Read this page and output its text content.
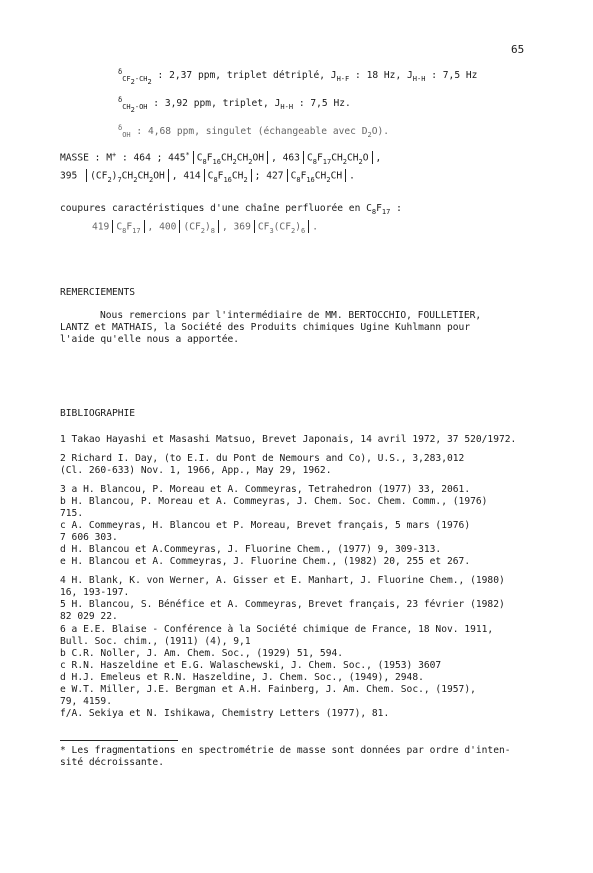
65
$^\delta_{CF2-CH2}$ : 2,37 ppm, triplet détriplé, $J_{H-F}$ : 18 Hz, $J_{H-H}$ : 7,5 Hz
$^\delta_{CH2-OH}$ : 3,92 ppm, triplet, $J_{H-H}$ : 7,5 Hz.
$^\delta_{OH}$ : 4,68 ppm, singulet (échangeable avec $D_2O$).
MASSE : M+ : 464 ; 445* $C_8F_{16}CH_2CH_2OH$ , 463 $C_8F_{17}CH_2CH_2O$ ,
395 $(CF_2)_7CH_2CH_2OH$ , 414 $C_8F_{16}CH_2$ ; 427 $C_8F_{16}CH_2CH$ .
coupures caractéristiques d'une chaîne perfluorée en $C_8F_{17}$ :
419 $C_8F_{17}$ , 400 $(CF_2)_8$ , 369 $CF_3(CF_2)_6$ .
REMERCIEMENTS
Nous remercions par l'intermédiaire de MM. BERTOCCHIO, FOULLETIER,
LANTZ et MATHAIS, la Société des Produits chimiques Ugine Kuhlmann pour
l'aide qu'elle nous a apportée.
BIBLIOGRAPHIE
1 Takao Hayashi et Masashi Matsuo, Brevet Japonais, 14 avril 1972, 37 520/1972.
2 Richard I. Day, (to E.I. du Pont de Nemours and Co), U.S., 3,283,012
(Cl. 260-633) Nov. 1, 1966, App., May 29, 1962.
3 a H. Blancou, P. Moreau et A. Commeyras, Tetrahedron (1977) 33, 2061.
b H. Blancou, P. Moreau et A. Commeyras, J. Chem. Soc. Chem. Comm., (1976)
715.
c A. Commeyras, H. Blancou et P. Moreau, Brevet français, 5 mars (1976)
7 606 303.
d H. Blancou et A.Commeyras, J. Fluorine Chem., (1977) 9, 309-313.
e H. Blancou et A. Commeyras, J. Fluorine Chem., (1982) 20, 255 et 267.
4 H. Blank, K. von Werner, A. Gisser et E. Manhart, J. Fluorine Chem., (1980)
16, 193-197.
5 H. Blancou, S. Bénéfice et A. Commeyras, Brevet français, 23 février (1982)
82 029 22.
6 a E.E. Blaise - Conférence à la Société chimique de France, 18 Nov. 1911,
Bull. Soc. chim., (1911) (4), 9,1
b C.R. Noller, J. Am. Chem. Soc., (1929) 51, 594.
c R.N. Haszeldine et E.G. Walaschewski, J. Chem. Soc., (1953) 3607
d H.J. Emeleus et R.N. Haszeldine, J. Chem. Soc., (1949), 2948.
e W.T. Miller, J.E. Bergman et A.H. Fainberg, J. Am. Chem. Soc., (1957),
79, 4159.
f/A. Sekiya et N. Ishikawa, Chemistry Letters (1977), 81.
* Les fragmentations en spectrométrie de masse sont données par ordre d'inten-
sité décroissante.
